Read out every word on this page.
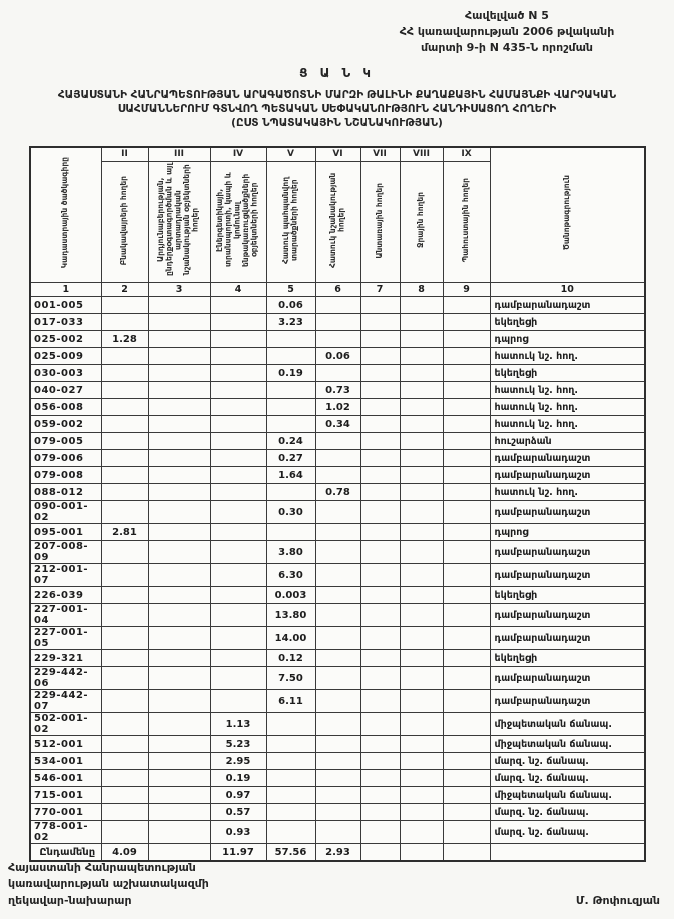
Հավելված N 5
ՀՀ կառավարության 2006 թվականի
մարտի 9-ի N 435-Ն որոշման
Ց Ա Ն Կ
ՀԱՅԱՍՏԱՆԻ ՀԱՆՐԱՊԵՏՈՒԹՅԱՆ ԱՐԱԳԱԾՈՏՆԻ ՄԱՐԶԻ ԹԱԼԻՆԻ ՔԱՂԱՔԱՅԻՆ ՀԱՄԱՅՆՔԻ ՎԱՐՉԱԿԱՆ ՍԱՀՄԱՆՆԵՐՈՒՄ ԳՏՆՎՈՂ ՊԵՏԱԿԱՆ ՍԵՓԱԿԱՆՈՒԹՅՈՒՆ ՀԱՆԴԻՍԱՑՈՂ ՀՈՂԵՐԻ
(ԸՍՏ ՆՊԱՏԱԿԱՅԻՆ ՆՇԱՆԱԿՈՒԹՅԱՆ)
Կադաստրային ծածկագիրը	II	III	IV	V	VI	VII	VIII	IX	Ծանոթագրություն
	Բնակավայրերի հողեր	Արդյունաբերության, ընդերքօգտագործման և այլ արտադրական նշանակության օբյեկտների հողեր	Էներգետիկայի, տրանսպորտի, կապի և կոմունալ ենթակառուցվածքների օբյեկտների հողեր	Հատուկ պահպանվող տարածքների հողեր	Հատուկ նշանակության հողեր	Անտառային հողեր	Ջրային հողեր	Պահուստային հողեր	
1	2	3	4	5	6	7	8	9	10
001-005				0.06					դամբարանադաշտ
017-033				3.23					եկեղեցի
025-002	1.28								դպրոց
025-009					0.06				հատուկ նշ. հող.
030-003				0.19					եկեղեցի
040-027					0.73				հատուկ նշ. հող.
056-008					1.02				հատուկ նշ. հող.
059-002					0.34				հատուկ նշ. հող.
079-005				0.24					հուշարձան
079-006				0.27					դամբարանադաշտ
079-008				1.64					դամբարանադաշտ
088-012					0.78				հատուկ նշ. հող.
090-001-02				0.30					դամբարանադաշտ
095-001	2.81								դպրոց
207-008-09				3.80					դամբարանադաշտ
212-001-07				6.30					դամբարանադաշտ
226-039				0.003					եկեղեցի
227-001-04				13.80					դամբարանադաշտ
227-001-05				14.00					դամբարանադաշտ
229-321				0.12					եկեղեցի
229-442-06				7.50					դամբարանադաշտ
229-442-07				6.11					դամբարանադաշտ
502-001-02			1.13						միջպետական ճանապ.
512-001			5.23						միջպետական ճանապ.
534-001			2.95						մարզ. նշ. ճանապ.
546-001			0.19						մարզ. նշ. ճանապ.
715-001			0.97						միջպետական ճանապ.
770-001			0.57						մարզ. նշ. ճանապ.
778-001-02			0.93						մարզ. նշ. ճանապ.
Ընդամենը	4.09		11.97	57.56	2.93				
Հայաստանի Հանրապետության
կառավարության աշխատակազմի
ղեկավար-նախարար	Մ. Թոփուզյան
